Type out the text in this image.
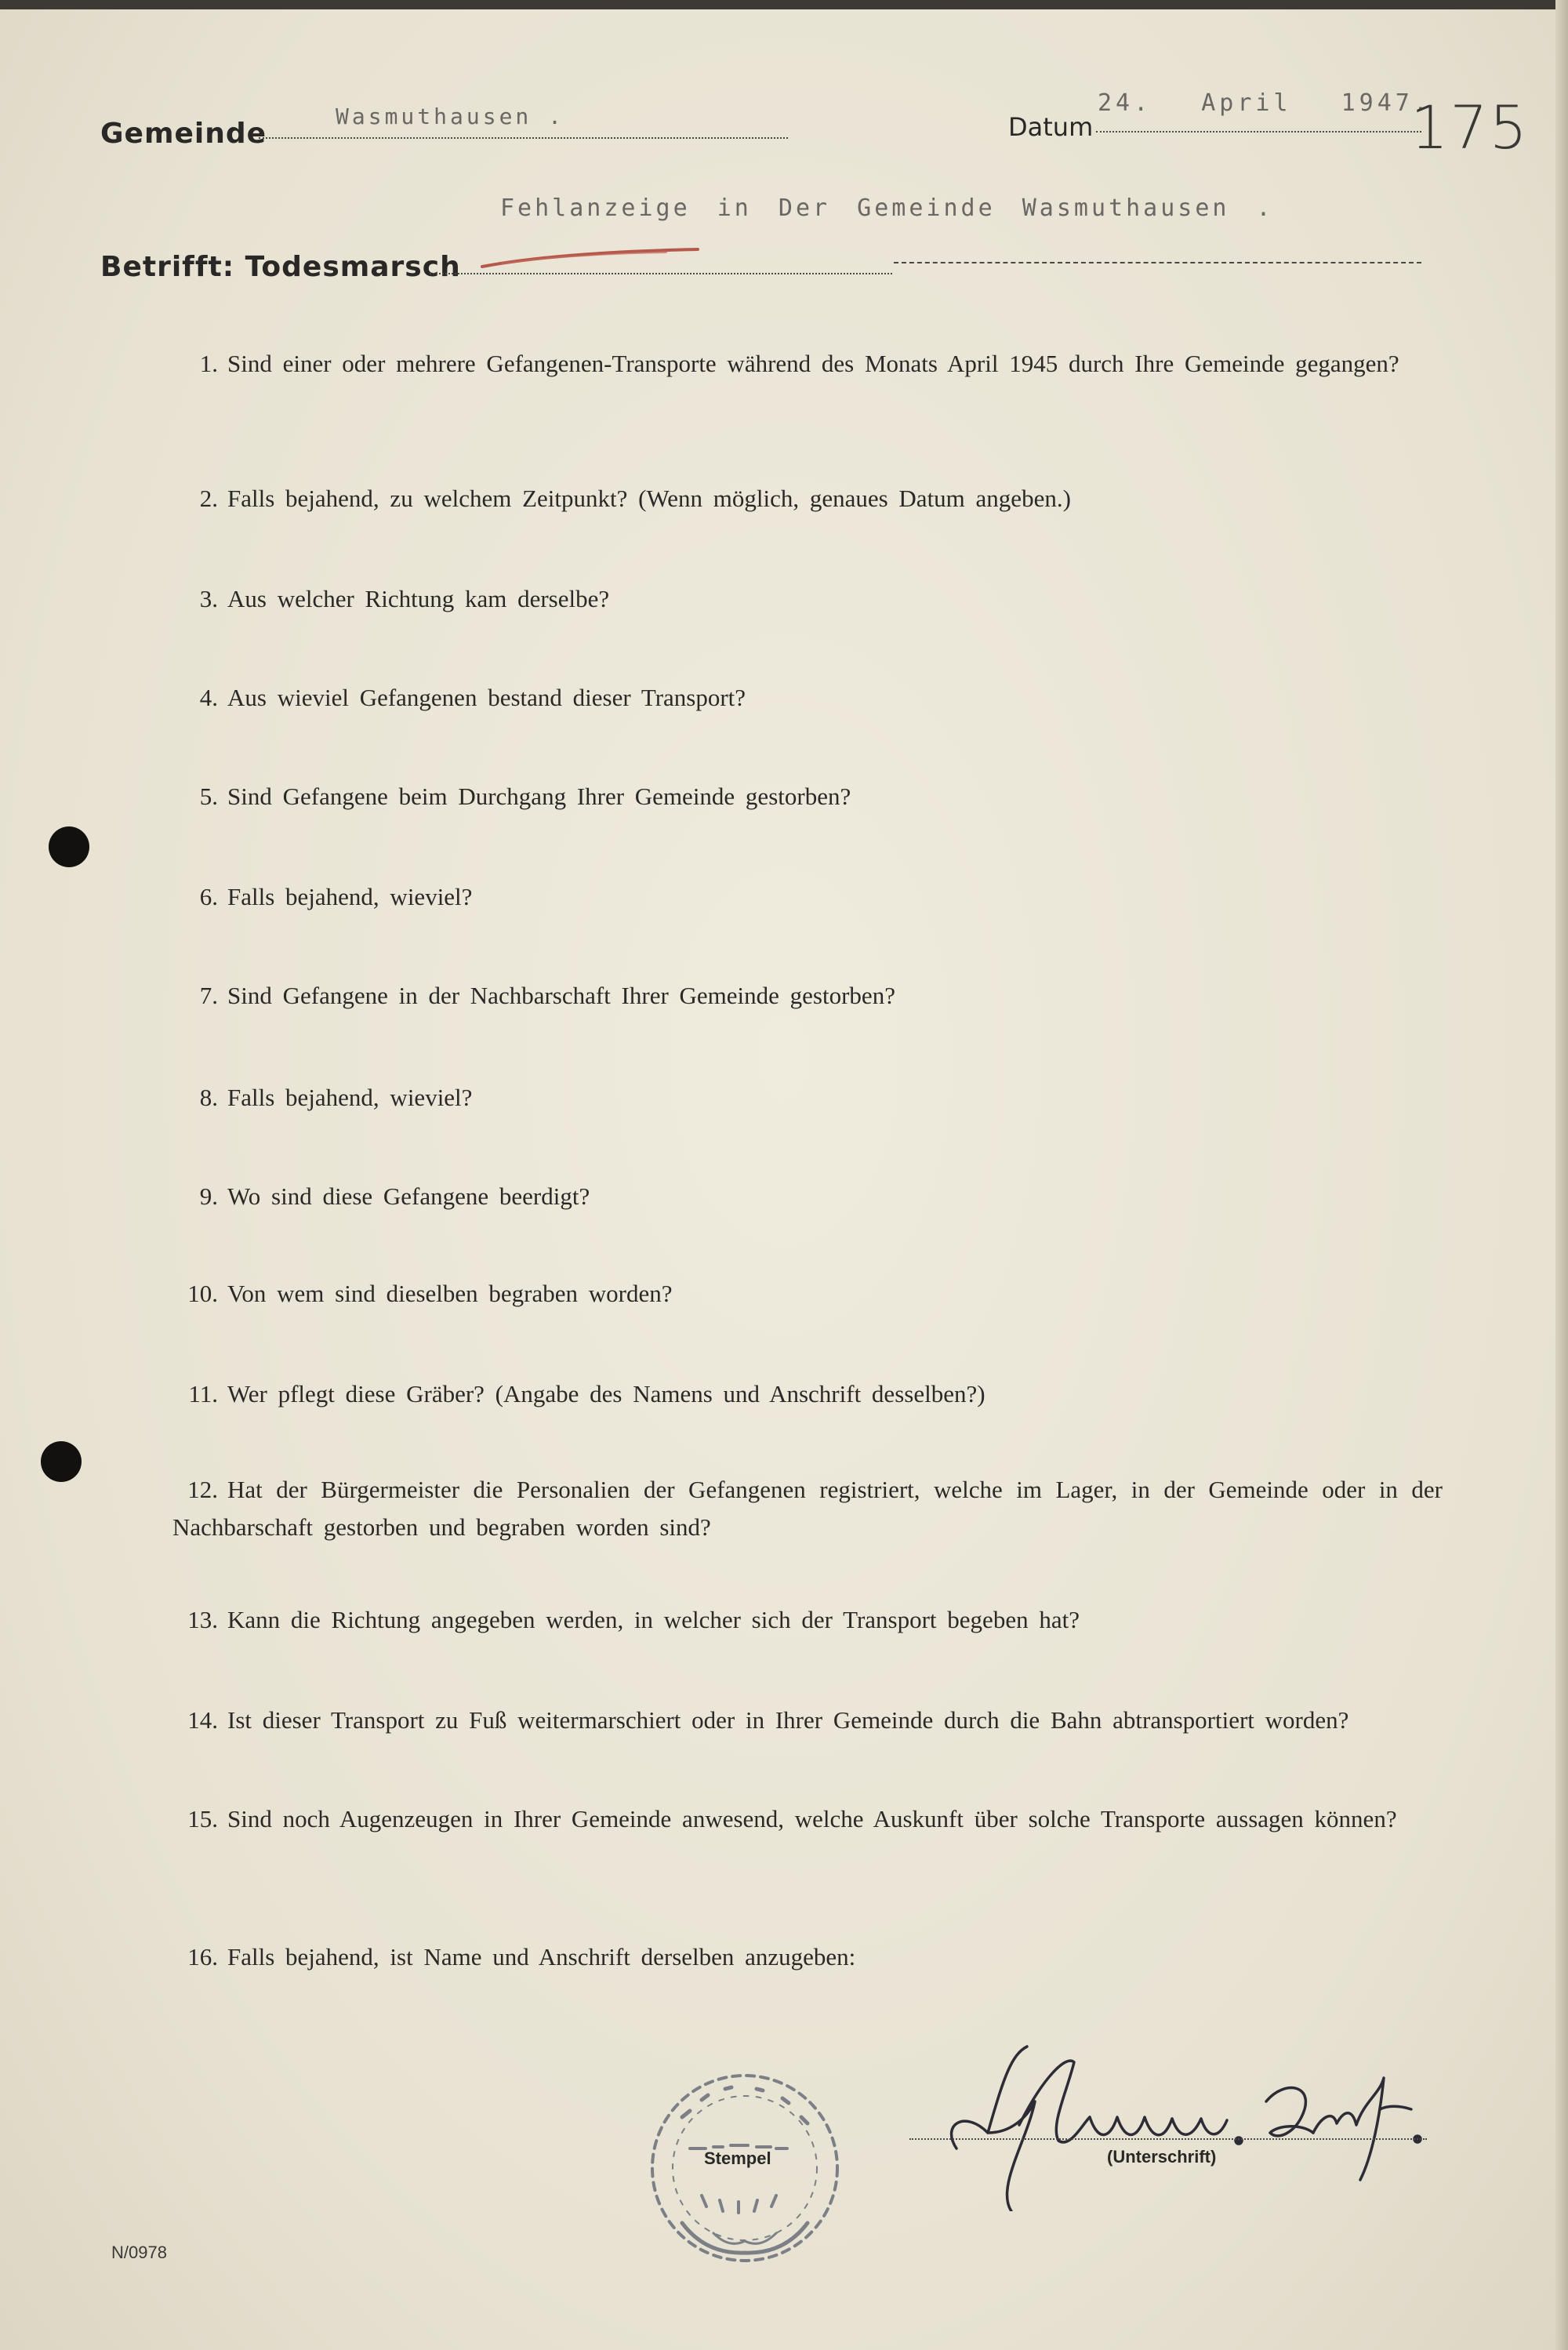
Gemeinde
Wasmuthausen .	Datum
24. April 1947.
175
Betrifft: Todesmarsch
Fehlanzeige in Der Gemeinde Wasmuthausen .
1. Sind einer oder mehrere Gefangenen-Transporte während des Monats April 1945 durch Ihre Gemeinde gegangen?
2. Falls bejahend, zu welchem Zeitpunkt? (Wenn möglich, genaues Datum angeben.)
3. Aus welcher Richtung kam derselbe?
4. Aus wieviel Gefangenen bestand dieser Transport?
5. Sind Gefangene beim Durchgang Ihrer Gemeinde gestorben?
6. Falls bejahend, wieviel?
7. Sind Gefangene in der Nachbarschaft Ihrer Gemeinde gestorben?
8. Falls bejahend, wieviel?
9. Wo sind diese Gefangene beerdigt?
10. Von wem sind dieselben begraben worden?
11. Wer pflegt diese Gräber? (Angabe des Namens und Anschrift desselben?)
12. Hat der Bürgermeister die Personalien der Gefangenen registriert, welche im Lager, in der Gemeinde oder in der Nachbarschaft gestorben und begraben worden sind?
13. Kann die Richtung angegeben werden, in welcher sich der Transport begeben hat?
14. Ist dieser Transport zu Fuß weitermarschiert oder in Ihrer Gemeinde durch die Bahn abtransportiert worden?
15. Sind noch Augenzeugen in Ihrer Gemeinde anwesend, welche Auskunft über solche Transporte aussagen können?
16. Falls bejahend, ist Name und Anschrift derselben anzugeben:
Stempel	(Unterschrift)
N/0978
